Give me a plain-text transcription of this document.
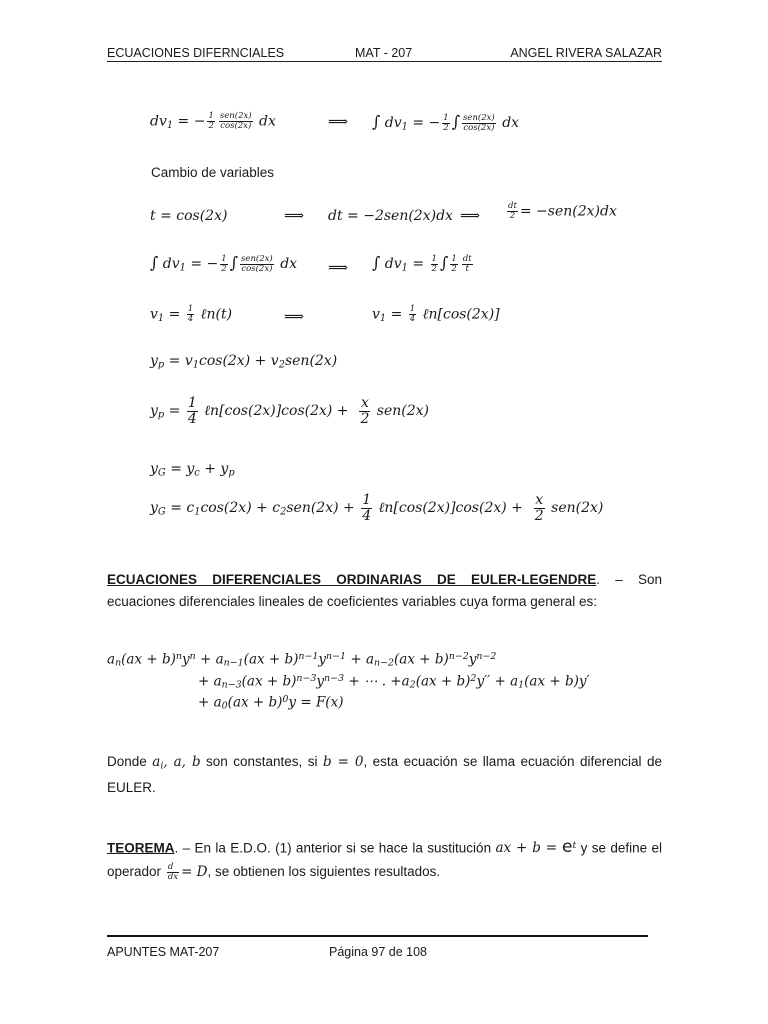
ECUACIONES DIFERNCIALES	MAT - 207	ANGEL RIVERA SALAZAR
$dv_1$ = − $\frac{1}{2} \frac{\text{sen(2x)}}{\cos(2x)}$ dx	⟹ ∫ $dv_1$ = − $\frac{1}{2}$ ∫ $\frac{\text{sen(2x)}}{\cos(2x)}$ dx
Cambio de variables
t = cos(2x)	⟹ dt = −2sen(2x)dx ⟹	$\frac{dt}{2} = -sen(2x)dx$
∫ $dv_1$ = − $\frac{1}{2}$ ∫ $\frac{\text{sen(2x)}}{\cos(2x)}$ dx ⟹ ∫ $dv_1 = \frac{1}{2}$ ∫ $\frac{1}{2} \frac{dt}{t}$
$v_1 = \frac{1}{4}$ ℓn(t)	⟹	$v_1 = \frac{1}{4}$ ℓn[cos(2x)]
$y_p = v_1\cos(2x) + v_2sen(2x)$
$y_p = \frac{1}{4}$ ℓn[cos(2x)]cos(2x) + $\frac{x}{2} sen(2x)$
$y_G = y_c + y_p$
$y_G = c_1\cos(2x) + c_2sen(2x) + \frac{1}{4}$ ℓn[cos(2x)]cos(2x) + $\frac{x}{2} sen(2x)$
ECUACIONES DIFERENCIALES ORDINARIAS DE EULER-LEGENDRE. – Son ecuaciones diferenciales lineales de coeficientes variables cuya forma general es:
$a_n(ax + b)^ny^n + a_{n-1}(ax + b)^{n-1}y^{n-1} + a_{n-2}(ax + b)^{n-2}y^{n-2}$
+ $a_{n-3}(ax + b)^{n-3}y^{n-3}$ + ⋯ . $+a_2(ax + b)^2y'' + a_1(ax + b)y'$
+ $a_0(ax + b)^0y = F(x)$
Donde $a_i$, a, b son constantes, si b = 0, esta ecuación se llama ecuación diferencial de EULER.
TEOREMA. – En la E.D.O. (1) anterior si se hace la sustitución ax + $b = e^t$ y se define el operador $\frac{d}{dx} = D$, se obtienen los siguientes resultados.
APUNTES MAT-207	Página 97 de 108
